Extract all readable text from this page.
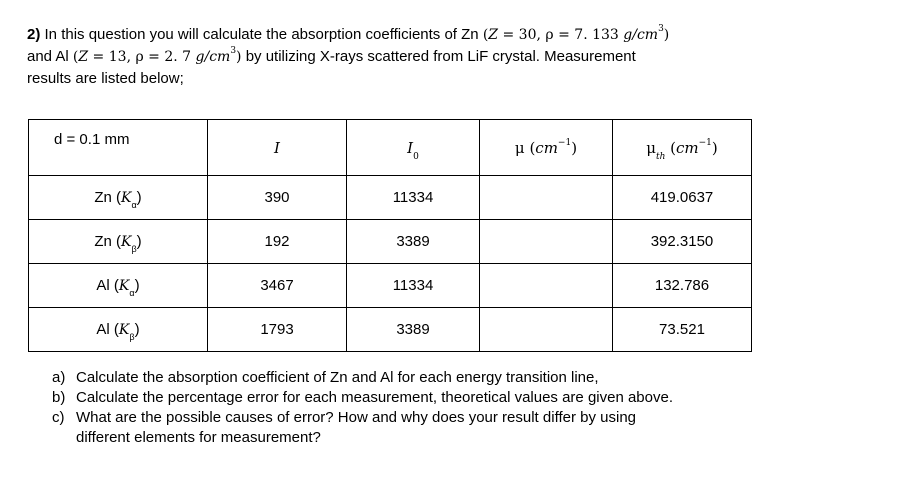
2) In this question you will calculate the absorption coefficients of Zn (Z = 30, ρ = 7. 133 $g/cm^3$)
and Al (Z = 13, ρ = 2. 7 $g/cm^3$) by utilizing X-rays scattered from LiF crystal. Measurement
results are listed below;
d = 0.1 mm	I	$I_0$	μ $(cm^{-1})$	$\mu_{th}$ $(cm^{-1})$
Zn $(K_\alpha)$	390	11334		419.0637
Zn $(K_\beta)$	192	3389		392.3150
Al $(K_\alpha)$	3467	11334		132.786
Al $(K_\beta)$	1793	3389		73.521
a) Calculate the absorption coefficient of Zn and Al for each energy transition line,
b) Calculate the percentage error for each measurement, theoretical values are given above.
c) What are the possible causes of error? How and why does your result differ by using
different elements for measurement?
